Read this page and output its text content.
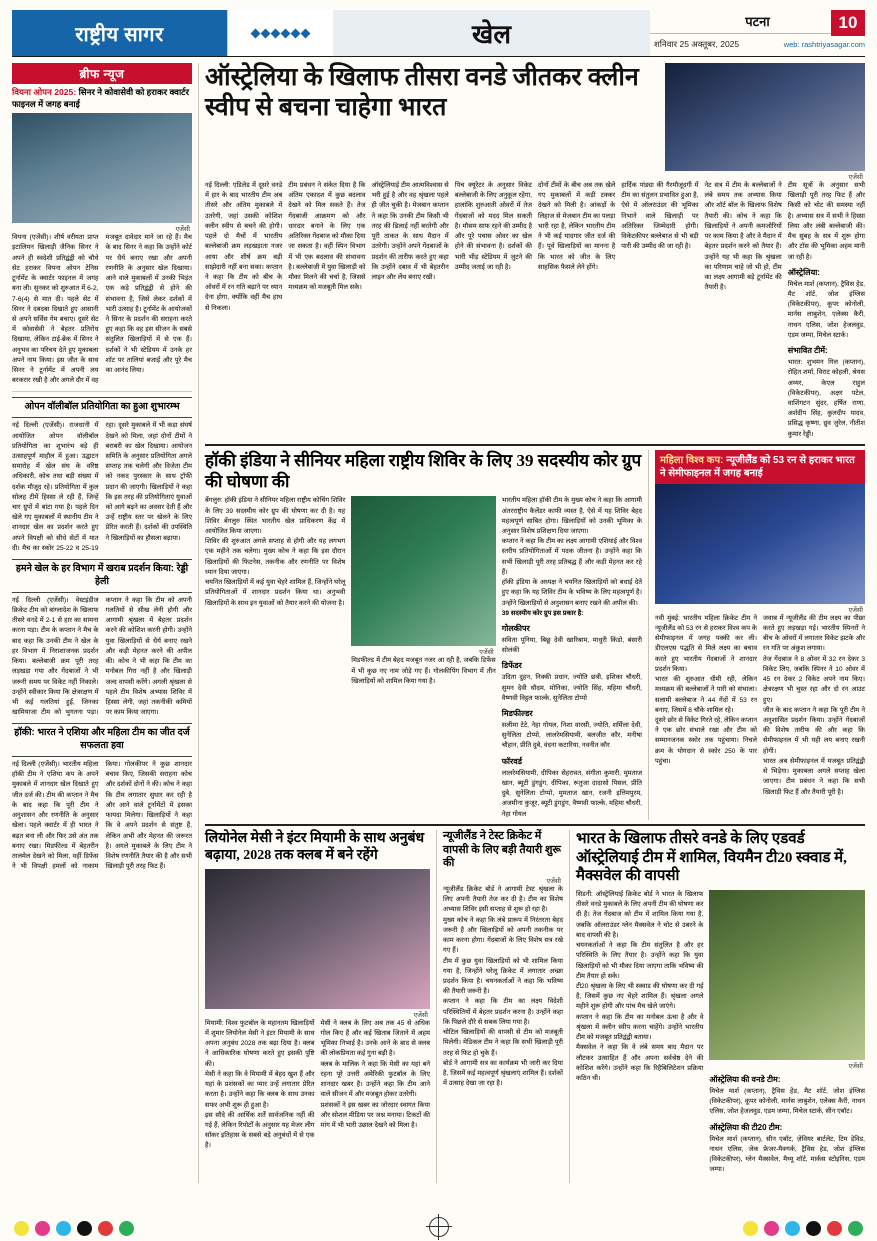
राष्ट्रीय सागर	खेल	पटना
शनिवार 25 अक्तूबर, 2025
10
web: rashtriyasagar.com
ब्रीफ न्यूज
वियना ओपन 2025: सिनर ने कोवासेवी को हराकर क्वार्टर फाइनल में जगह बनाई
एजेंसी

वियना (एजेंसी)। शीर्ष वरीयता प्राप्त इटालियन खिलाड़ी जैनिक सिनर ने अपने ही स्वदेशी प्रतिद्वंद्वी को चौथे सेट हराकर वियना ओपन टेनिस टूर्नामेंट के क्वार्टर फाइनल में जगह बना ली। सुनकर को शुरुआत में 6-2, 7-6(4) से मात दी। पहले सेट में सिनर ने दबदबा दिखाते हुए आसानी से अपने सर्विस गेम बचाए। दूसरे सेट में कोवासेवी ने बेहतर प्रतिरोध दिखाया, लेकिन टाई-ब्रेक में सिनर ने अनुभव का परिचय देते हुए मुकाबला अपने नाम किया। इस जीत के साथ सिनर ने टूर्नामेंट में अपनी लय बरकरार रखी है और अगले दौर में वह मजबूत दावेदार माने जा रहे हैं। मैच के बाद सिनर ने कहा कि उन्होंने कोर्ट पर धैर्य बनाए रखा और अपनी रणनीति के अनुसार खेल दिखाया। आने वाले मुकाबलों में उनकी भिड़ंत एक कड़े प्रतिद्वंद्वी से होने की संभावना है, जिसे लेकर दर्शकों में भारी उत्साह है। टूर्नामेंट के आयोजकों ने सिनर के प्रदर्शन की सराहना करते हुए कहा कि वह इस सीजन के सबसे संतुलित खिलाड़ियों में से एक हैं। दर्शकों ने भी स्टेडियम में उनके हर शॉट पर तालियां बजाईं और पूरे मैच का आनंद लिया।

ओपन वॉलीबॉल प्रतियोगिता का हुआ शुभारम्भ

नई दिल्ली (एजेंसी)। राजधानी में आयोजित ओपन वॉलीबॉल प्रतियोगिता का शुभारंभ बड़े ही उत्साहपूर्ण माहौल में हुआ। उद्घाटन समारोह में खेल संघ के वरिष्ठ अधिकारी, कोच तथा बड़ी संख्या में दर्शक मौजूद रहे। प्रतियोगिता में कुल सोलह टीमें हिस्सा ले रही हैं, जिन्हें चार ग्रुपों में बांटा गया है। पहले दिन खेले गए मुकाबलों में स्थानीय टीम ने शानदार खेल का प्रदर्शन करते हुए अपने विपक्षी को सीधे सेटों में मात दी। मैच का स्कोर 25-22 व 25-19 रहा। दूसरे मुकाबले में भी कड़ा संघर्ष देखने को मिला, जहां दोनों टीमों ने बराबरी का खेल दिखाया। आयोजन समिति के अनुसार प्रतियोगिता अगले सप्ताह तक चलेगी और विजेता टीम को नकद पुरस्कार के साथ ट्रॉफी प्रदान की जाएगी। खिलाड़ियों ने कहा कि इस तरह की प्रतियोगिताएं युवाओं को आगे बढ़ने का अवसर देती हैं और उन्हें राष्ट्रीय स्तर पर खेलने के लिए प्रेरित करती हैं। दर्शकों की उपस्थिति ने खिलाड़ियों का हौसला बढ़ाया।

हमने खेल के हर विभाग में खराब प्रदर्शन किया: रेड्डी हेली

नई दिल्ली (एजेंसी)। वेस्टइंडीज क्रिकेट टीम को बांग्लादेश के खिलाफ तीसरे वनडे में 2-1 से हार का सामना करना पड़ा। टीम के कप्तान ने मैच के बाद कहा कि उनकी टीम ने खेल के हर विभाग में निराशाजनक प्रदर्शन किया। बल्लेबाजी क्रम पूरी तरह लड़खड़ा गया और गेंदबाजों ने भी जरूरी समय पर विकेट नहीं निकाले। उन्होंने स्वीकार किया कि क्षेत्ररक्षण में भी कई गलतियां हुईं, जिनका खामियाजा टीम को भुगतना पड़ा। कप्तान ने कहा कि टीम को अपनी गलतियों से सीख लेनी होगी और आगामी श्रृंखला में बेहतर प्रदर्शन करने की कोशिश करनी होगी। उन्होंने युवा खिलाड़ियों से धैर्य बनाए रखने और कड़ी मेहनत करने की अपील की। कोच ने भी कहा कि टीम का मनोबल गिरा नहीं है और खिलाड़ी जल्द वापसी करेंगे। अगली श्रृंखला से पहले टीम विशेष अभ्यास शिविर में हिस्सा लेगी, जहां तकनीकी कमियों पर काम किया जाएगा।

हॉकी: भारत ने एशिया और महिला टीम का जीत दर्ज सफलता हवा

नई दिल्ली (एजेंसी)। भारतीय महिला हॉकी टीम ने एशिया कप के अपने मुकाबले में शानदार खेल दिखाते हुए जीत दर्ज की। टीम की कप्तान ने मैच के बाद कहा कि पूरी टीम ने अनुशासन और रणनीति के अनुसार खेला। पहले क्वार्टर में ही भारत ने बढ़त बना ली और फिर उसे अंत तक बनाए रखा। मिडफील्ड में बेहतरीन तालमेल देखने को मिला, वहीं डिफेंस ने भी विपक्षी हमलों को नाकाम किया। गोलकीपर ने कुछ शानदार बचाव किए, जिसकी सराहना कोच और दर्शकों दोनों ने की। कोच ने कहा कि टीम लगातार सुधार कर रही है और आने वाले टूर्नामेंटों में इसका फायदा मिलेगा। खिलाड़ियों ने कहा कि वे अपने प्रदर्शन से संतुष्ट हैं, लेकिन अभी और मेहनत की जरूरत है। अगले मुकाबले के लिए टीम ने विशेष रणनीति तैयार की है और सभी खिलाड़ी पूरी तरह फिट हैं।

ऑस्ट्रेलिया के खिलाफ तीसरा वनडे जीतकर क्लीन स्वीप से बचना चाहेगा भारत
एजेंसी

नई दिल्ली: एडिलेड में दूसरे वनडे में हार के बाद भारतीय टीम अब तीसरे और अंतिम मुकाबले में उतरेगी, जहां उसकी कोशिश क्लीन स्वीप से बचने की होगी। पहले दो मैचों में भारतीय बल्लेबाजी क्रम लड़खड़ाता नजर आया और शीर्ष क्रम बड़ी साझेदारी नहीं बना सका। कप्तान ने कहा कि टीम को बीच के ओवरों में रन गति बढ़ाने पर ध्यान देना होगा, क्योंकि वहीं मैच हाथ से निकला।

टीम प्रबंधन ने संकेत दिया है कि अंतिम एकादश में कुछ बदलाव देखने को मिल सकते हैं। तेज गेंदबाजी आक्रमण को और धारदार बनाने के लिए एक अतिरिक्त गेंदबाज को मौका दिया जा सकता है। वहीं स्पिन विभाग में भी एक बदलाव की संभावना है। बल्लेबाजी में युवा खिलाड़ी को मौका मिलने की चर्चा है, जिससे मध्यक्रम को मजबूती मिल सके।

ऑस्ट्रेलियाई टीम आत्मविश्वास से भरी हुई है और वह श्रृंखला पहले ही जीत चुकी है। मेजबान कप्तान ने कहा कि उनकी टीम किसी भी तरह की ढिलाई नहीं बरतेगी और पूरी ताकत के साथ मैदान में उतरेगी। उन्होंने अपने गेंदबाजों के प्रदर्शन की तारीफ करते हुए कहा कि उन्होंने दबाव में भी बेहतरीन लाइन और लेंथ बनाए रखी।

पिच क्यूरेटर के अनुसार विकेट बल्लेबाजी के लिए अनुकूल रहेगा, हालांकि शुरुआती ओवरों में तेज गेंदबाजों को मदद मिल सकती है। मौसम साफ रहने की उम्मीद है और पूरे पचास ओवर का खेल होने की संभावना है। दर्शकों की भारी भीड़ स्टेडियम में जुटने की उम्मीद जताई जा रही है।

दोनों टीमों के बीच अब तक खेले गए मुकाबलों में कड़ी टक्कर देखने को मिली है। आंकड़ों के लिहाज से मेजबान टीम का पलड़ा भारी रहा है, लेकिन भारतीय टीम ने भी कई यादगार जीत दर्ज की हैं। पूर्व खिलाड़ियों का मानना है कि भारत को जीत के लिए साहसिक फैसले लेने होंगे।

हार्दिक पांड्या की गैरमौजूदगी में टीम का संतुलन प्रभावित हुआ है, ऐसे में ऑलराउंडर की भूमिका निभाने वाले खिलाड़ी पर अतिरिक्त जिम्मेदारी होगी। विकेटकीपर बल्लेबाज से भी बड़ी पारी की उम्मीद की जा रही है।

नेट सत्र में टीम के बल्लेबाजों ने लंबे समय तक अभ्यास किया और शॉर्ट बॉल के खिलाफ विशेष तैयारी की। कोच ने कहा कि खिलाड़ियों ने अपनी कमजोरियों पर काम किया है और वे मैदान में बेहतर प्रदर्शन करने को तैयार हैं। उन्होंने यह भी कहा कि श्रृंखला का परिणाम चाहे जो भी हो, टीम का लक्ष्य आगामी बड़े टूर्नामेंट की तैयारी है।

टीम सूत्रों के अनुसार सभी खिलाड़ी पूरी तरह फिट हैं और किसी को चोट की समस्या नहीं है। अभ्यास सत्र में सभी ने हिस्सा लिया और लंबी बल्लेबाजी की। मैच सुबह के सत्र में शुरू होगा और टॉस की भूमिका अहम मानी जा रही है।

ऑस्ट्रेलिया:

मिचेल मार्श (कप्तान), ट्रैविस हेड, मैट शॉर्ट, जोश इंग्लिस (विकेटकीपर), कूपर कोनोली, मार्नस लाबुशेन, एलेक्स कैरी, नाथन एलिस, जोश हेजलवुड, एडम जम्पा, मिचेल स्टार्क।

संभावित टीमें:

भारत: शुभमन गिल (कप्तान), रोहित शर्मा, विराट कोहली, श्रेयस अय्यर, केएल राहुल (विकेटकीपर), अक्षर पटेल, वाशिंगटन सुंदर, हर्षित राणा, अर्शदीप सिंह, कुलदीप यादव, प्रसिद्ध कृष्णा, ध्रुव जुरेल, नीतीश कुमार रेड्डी।

हॉकी इंडिया ने सीनियर महिला राष्ट्रीय शिविर के लिए 39 सदस्यीय कोर ग्रुप की घोषणा की

बेंगलुरु: हॉकी इंडिया ने सीनियर महिला राष्ट्रीय कोचिंग शिविर के लिए 39 सदस्यीय कोर ग्रुप की घोषणा कर दी है। यह शिविर बेंगलुरु स्थित भारतीय खेल प्राधिकरण केंद्र में आयोजित किया जाएगा।

शिविर की शुरुआत अगले सप्ताह से होगी और यह लगभग एक महीने तक चलेगा। मुख्य कोच ने कहा कि इस दौरान खिलाड़ियों की फिटनेस, तकनीक और रणनीति पर विशेष ध्यान दिया जाएगा।

चयनित खिलाड़ियों में कई युवा चेहरे शामिल हैं, जिन्होंने घरेलू प्रतियोगिताओं में शानदार प्रदर्शन किया था। अनुभवी खिलाड़ियों के साथ इन युवाओं को तैयार करने की योजना है।

एजेंसी

मिडफील्ड में टीम बेहद मजबूत नजर आ रही है, जबकि डिफेंस में भी कुछ नए नाम जोड़े गए हैं। गोलकीपिंग विभाग में तीन खिलाड़ियों को शामिल किया गया है।

भारतीय महिला हॉकी टीम के मुख्य कोच ने कहा कि आगामी अंतरराष्ट्रीय कैलेंडर काफी व्यस्त है, ऐसे में यह शिविर बेहद महत्वपूर्ण साबित होगा। खिलाड़ियों को उनकी भूमिका के अनुसार विशेष प्रशिक्षण दिया जाएगा।

कप्तान ने कहा कि टीम का लक्ष्य आगामी एशियाई और विश्व स्तरीय प्रतियोगिताओं में पदक जीतना है। उन्होंने कहा कि सभी खिलाड़ी पूरी तरह प्रतिबद्ध हैं और कड़ी मेहनत कर रहे हैं।

हॉकी इंडिया के अध्यक्ष ने चयनित खिलाड़ियों को बधाई देते हुए कहा कि यह शिविर टीम के भविष्य के लिए महत्वपूर्ण है। उन्होंने खिलाड़ियों से अनुशासन बनाए रखने की अपील की।

39 सदस्यीय कोर ग्रुप इस प्रकार है:

गोलकीपर

सविता पूनिया, बिछू देवी खारिबाम, माधुरी किंडो, बंसारी सोलंकी

डिफेंडर

उदिता दुहन, निक्की प्रधान, ज्योति छत्री, इशिका चौधरी, सुमन देवी थौदम, मोनिका, ज्योति सिंह, महिमा चौधरी, वैष्णवी विट्ठल फाल्के, सुनेलिता टोप्पो

मिडफील्डर

सलीमा टेटे, नेहा गोयल, निशा वारसी, ज्योति, शर्मिला देवी, सुनेलिता टोप्पो, लालरेमसियामी, बलजीत कौर, मनीषा चौहान, प्रीति दुबे, वंदना कटारिया, नवनीत कौर

फॉरवर्ड

लालरेमसियामी, दीपिका सेहरावत, संगीता कुमारी, मुमताज खान, ब्यूटी डुंगडुंग, दीपिका, रूतुजा दादासो पिसल, प्रीति दुबे, सुनेलिता टोप्पो, मुमताज खान, रजनी इत्तिमपुरम, अजमीना कुजूर, ब्यूटी डुंगडुंग, वैष्णवी फाल्के, महिमा चौधरी, नेहा गोयल

महिला विश्व कप: न्यूजीलैंड को 53 रन से हराकर भारत ने सेमीफाइनल में जगह बनाई
एजेंसी

नवी मुंबई: भारतीय महिला क्रिकेट टीम ने न्यूजीलैंड को 53 रन से हराकर विश्व कप के सेमीफाइनल में जगह पक्की कर ली। डीएलएस पद्धति से मिले लक्ष्य का बचाव करते हुए भारतीय गेंदबाजों ने शानदार प्रदर्शन किया।

भारत की शुरुआत धीमी रही, लेकिन मध्यक्रम की बल्लेबाजों ने पारी को संभाला। सलामी बल्लेबाज ने 44 गेंदों में 53 रन बनाए, जिसमें 8 चौके शामिल रहे।

दूसरे छोर से विकेट गिरते रहे, लेकिन कप्तान ने एक छोर संभाले रखा और टीम को सम्मानजनक स्कोर तक पहुंचाया। निचले क्रम के योगदान से स्कोर 250 के पार पहुंचा।

जवाब में न्यूजीलैंड की टीम लक्ष्य का पीछा करते हुए लड़खड़ा गई। भारतीय स्पिनरों ने बीच के ओवरों में लगातार विकेट झटके और रन गति पर अंकुश लगाया।

तेज गेंदबाज ने 8 ओवर में 32 रन देकर 3 विकेट लिए, जबकि स्पिनर ने 10 ओवर में 45 रन देकर 2 विकेट अपने नाम किए। क्षेत्ररक्षण भी चुस्त रहा और दो रन आउट हुए।

जीत के बाद कप्तान ने कहा कि पूरी टीम ने अनुशासित प्रदर्शन किया। उन्होंने गेंदबाजों की विशेष तारीफ की और कहा कि सेमीफाइनल में भी यही लय बनाए रखनी होगी।

भारत अब सेमीफाइनल में मजबूत प्रतिद्वंद्वी से भिड़ेगा। मुकाबला अगले सप्ताह खेला जाएगा। टीम प्रबंधन ने कहा कि सभी खिलाड़ी फिट हैं और तैयारी पूरी है।

लियोनेल मेसी ने इंटर मियामी के साथ अनुबंध बढ़ाया, 2028 तक क्लब में बने रहेंगे
एजेंसी

मियामी: विश्व फुटबॉल के महानतम खिलाड़ियों में शुमार लियोनेल मेसी ने इंटर मियामी के साथ अपना अनुबंध 2028 तक बढ़ा दिया है। क्लब ने आधिकारिक घोषणा करते हुए इसकी पुष्टि की।

मेसी ने कहा कि वे मियामी में बेहद खुश हैं और यहां के प्रशंसकों का प्यार उन्हें लगातार प्रेरित करता है। उन्होंने कहा कि क्लब के साथ उनका सफर अभी शुरू ही हुआ है।

इस सौदे की आर्थिक शर्तें सार्वजनिक नहीं की गई हैं, लेकिन रिपोर्टों के अनुसार यह मेजर लीग सॉकर इतिहास के सबसे बड़े अनुबंधों में से एक है।

मेसी ने क्लब के लिए अब तक 45 से अधिक गोल किए हैं और कई खिताब जिताने में अहम भूमिका निभाई है। उनके आने के बाद से क्लब की लोकप्रियता कई गुना बढ़ी है।

क्लब के मालिक ने कहा कि मेसी का यहां बने रहना पूरे उत्तरी अमेरिकी फुटबॉल के लिए शानदार खबर है। उन्होंने कहा कि टीम आने वाले सीजन में और मजबूत होकर उतरेगी।

प्रशंसकों ने इस खबर का जोरदार स्वागत किया और सोशल मीडिया पर जश्न मनाया। टिकटों की मांग में भी भारी उछाल देखने को मिला है।

न्यूजीलैंड ने टेस्ट क्रिकेट में वापसी के लिए बड़ी तैयारी शुरू की
एजेंसी

न्यूजीलैंड क्रिकेट बोर्ड ने आगामी टेस्ट श्रृंखला के लिए अपनी तैयारी तेज कर दी है। टीम का विशेष अभ्यास शिविर इसी सप्ताह से शुरू हो रहा है।

मुख्य कोच ने कहा कि लंबे प्रारूप में निरंतरता बेहद जरूरी है और खिलाड़ियों को अपनी तकनीक पर काम करना होगा। गेंदबाजों के लिए विशेष सत्र रखे गए हैं।

टीम में कुछ युवा खिलाड़ियों को भी शामिल किया गया है, जिन्होंने घरेलू क्रिकेट में लगातार अच्छा प्रदर्शन किया है। चयनकर्ताओं ने कहा कि भविष्य की तैयारी जरूरी है।

कप्तान ने कहा कि टीम का लक्ष्य विदेशी परिस्थितियों में बेहतर प्रदर्शन करना है। उन्होंने कहा कि पिछले दौरे से सबक लिया गया है।

चोटिल खिलाड़ियों की वापसी से टीम को मजबूती मिलेगी। मेडिकल टीम ने कहा कि सभी खिलाड़ी पूरी तरह से फिट हो चुके हैं।

बोर्ड ने आगामी सत्र का कार्यक्रम भी जारी कर दिया है, जिसमें कई महत्वपूर्ण श्रृंखलाएं शामिल हैं। दर्शकों में उत्साह देखा जा रहा है।

भारत के खिलाफ तीसरे वनडे के लिए एडवर्ड ऑस्ट्रेलियाई टीम में शामिल, वियमैन टी20 स्क्वाड में, मैक्सवेल की वापसी

सिडनी: ऑस्ट्रेलियाई क्रिकेट बोर्ड ने भारत के खिलाफ तीसरे वनडे मुकाबले के लिए अपनी टीम की घोषणा कर दी है। तेज गेंदबाज को टीम में शामिल किया गया है, जबकि ऑलराउंडर ग्लेन मैक्सवेल ने चोट से उबरने के बाद वापसी की है।

चयनकर्ताओं ने कहा कि टीम संतुलित है और हर परिस्थिति के लिए तैयार है। उन्होंने कहा कि युवा खिलाड़ियों को भी मौका दिया जाएगा ताकि भविष्य की टीम तैयार हो सके।

टी20 श्रृंखला के लिए भी स्क्वाड की घोषणा कर दी गई है, जिसमें कुछ नए चेहरे शामिल हैं। श्रृंखला अगले महीने शुरू होगी और पांच मैच खेले जाएंगे।

कप्तान ने कहा कि टीम का मनोबल ऊंचा है और वे श्रृंखला में क्लीन स्वीप करना चाहेंगे। उन्होंने भारतीय टीम को मजबूत प्रतिद्वंद्वी बताया।

मैक्सवेल ने कहा कि वे लंबे समय बाद मैदान पर लौटकर उत्साहित हैं और अपना सर्वश्रेष्ठ देने की कोशिश करेंगे। उन्होंने कहा कि रिहैबिलिटेशन प्रक्रिया कठिन थी।

एजेंसी
ऑस्ट्रेलिया की वनडे टीम:

मिचेल मार्श (कप्तान), ट्रैविस हेड, मैट शॉर्ट, जोश इंग्लिस (विकेटकीपर), कूपर कोनोली, मार्नस लाबुशेन, एलेक्स कैरी, नाथन एलिस, जोश हेजलवुड, एडम जम्पा, मिचेल स्टार्क, सीन एबॉट।

ऑस्ट्रेलिया की टी20 टीम:

मिचेल मार्श (कप्तान), सीन एबॉट, ज़ेवियर बार्टलेट, टिम डेविड, नाथन एलिस, जेक फ्रेजर-मैक्गर्क, ट्रैविस हेड, जोश इंग्लिस (विकेटकीपर), ग्लेन मैक्सवेल, मैथ्यू शॉर्ट, मार्कस स्टोइनिस, एडम जम्पा।
